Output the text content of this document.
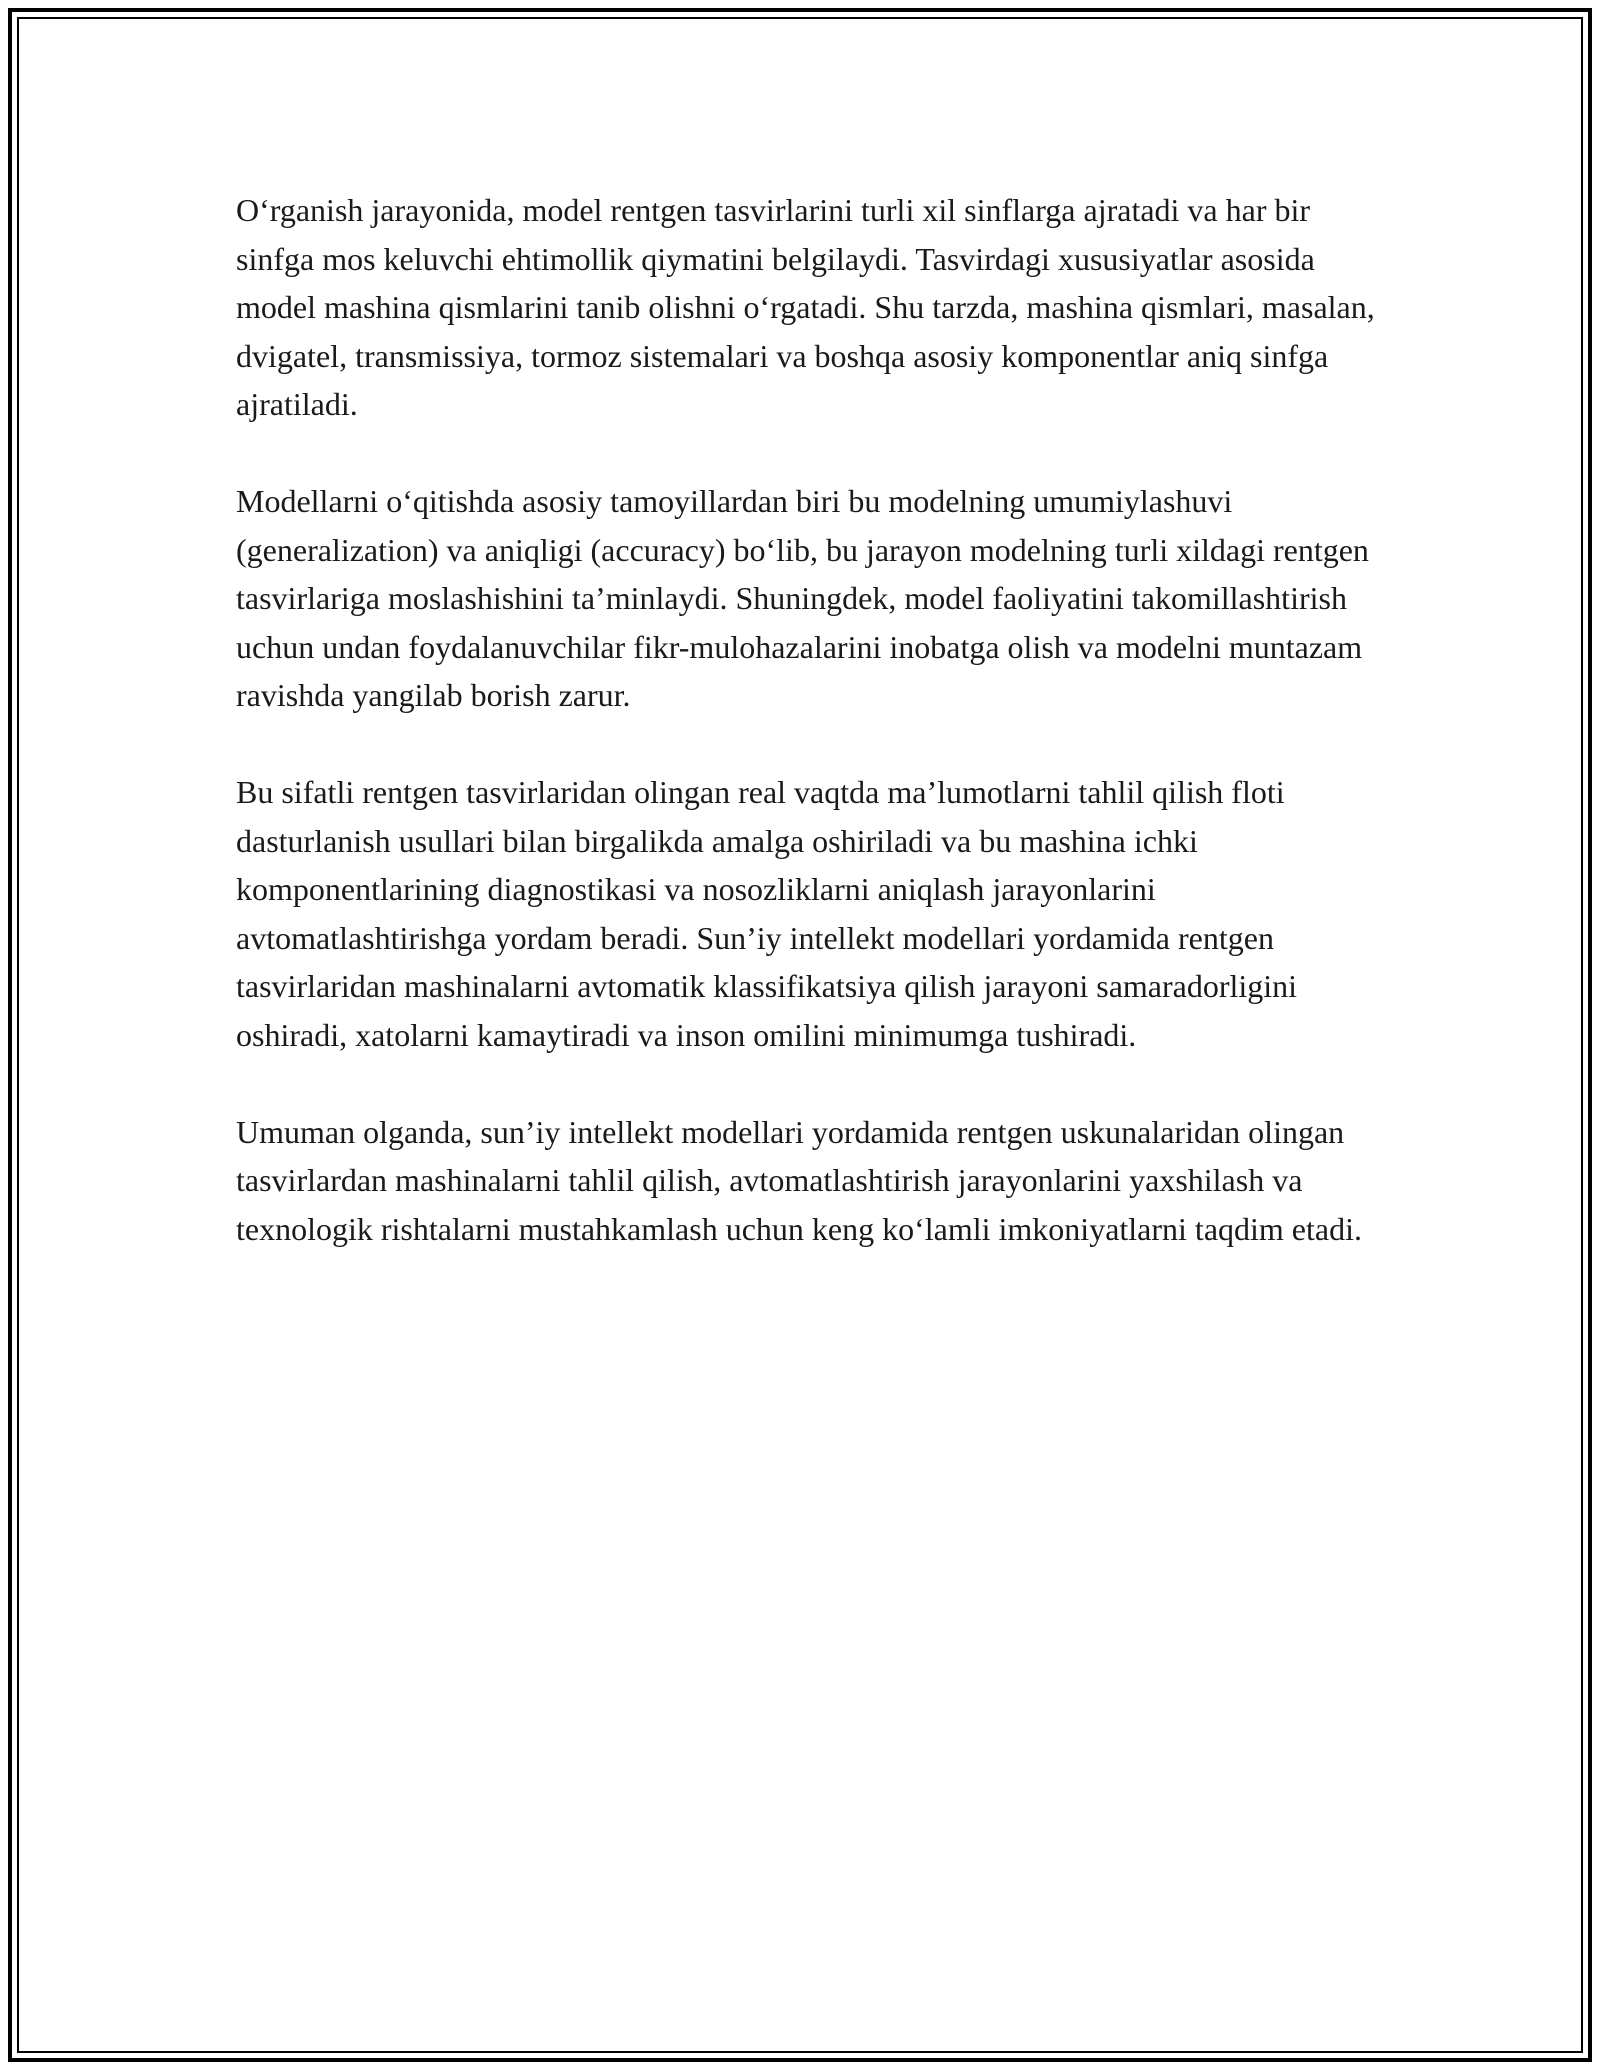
O‘rganish jarayonida, model rentgen tasvirlarini turli xil sinflarga ajratadi va har bir sinfga mos keluvchi ehtimollik qiymatini belgilaydi. Tasvirdagi xususiyatlar asosida model mashina qismlarini tanib olishni o‘rgatadi. Shu tarzda, mashina qismlari, masalan, dvigatel, transmissiya, tormoz sistemalari va boshqa asosiy komponentlar aniq sinfga ajratiladi.

Modellarni o‘qitishda asosiy tamoyillardan biri bu modelning umumiylashuvi (generalization) va aniqligi (accuracy) bo‘lib, bu jarayon modelning turli xildagi rentgen tasvirlariga moslashishini ta’minlaydi. Shuningdek, model faoliyatini takomillashtirish uchun undan foydalanuvchilar fikr-mulohazalarini inobatga olish va modelni muntazam ravishda yangilab borish zarur.

Bu sifatli rentgen tasvirlaridan olingan real vaqtda ma’lumotlarni tahlil qilish floti dasturlanish usullari bilan birgalikda amalga oshiriladi va bu mashina ichki komponentlarining diagnostikasi va nosozliklarni aniqlash jarayonlarini avtomatlashtirishga yordam beradi. Sun’iy intellekt modellari yordamida rentgen tasvirlaridan mashinalarni avtomatik klassifikatsiya qilish jarayoni samaradorligini oshiradi, xatolarni kamaytiradi va inson omilini minimumga tushiradi.

Umuman olganda, sun’iy intellekt modellari yordamida rentgen uskunalaridan olingan tasvirlardan mashinalarni tahlil qilish, avtomatlashtirish jarayonlarini yaxshilash va texnologik rishtalarni mustahkamlash uchun keng ko‘lamli imkoniyatlarni taqdim etadi.
